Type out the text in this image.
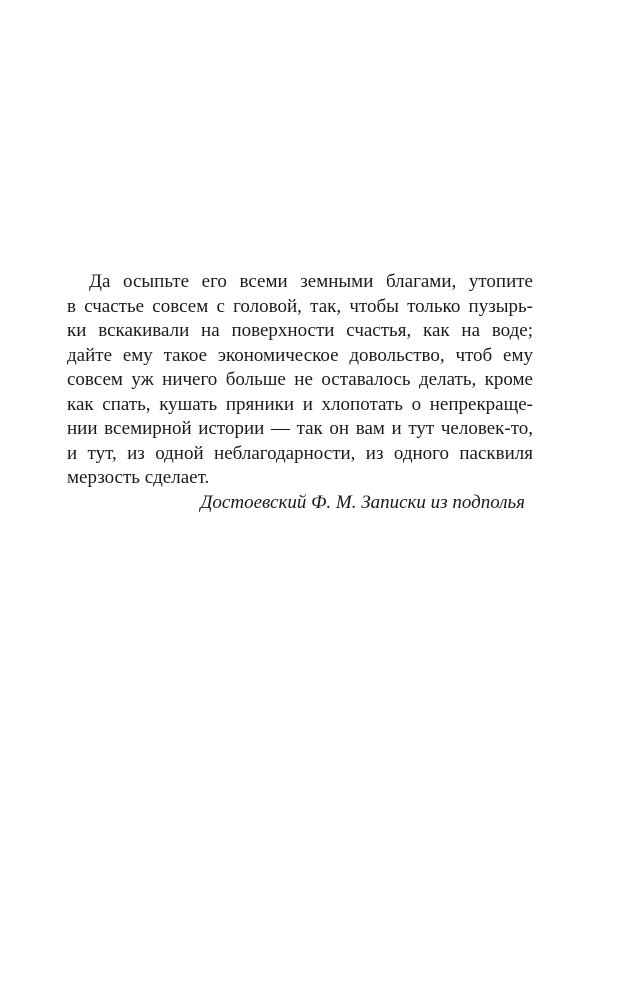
Да осыпьте его всеми земными благами, утопите
в счастье совсем с головой, так, чтобы только пузырь-
ки вскакивали на поверхности счастья, как на воде;
дайте ему такое экономическое довольство, чтоб ему
совсем уж ничего больше не оставалось делать, кроме
как спать, кушать пряники и хлопотать о непрекраще-
нии всемирной истории — так он вам и тут человек-то,
и тут, из одной неблагодарности, из одного пасквиля
мерзость сделает.
Достоевский Ф. М. Записки из подполья
